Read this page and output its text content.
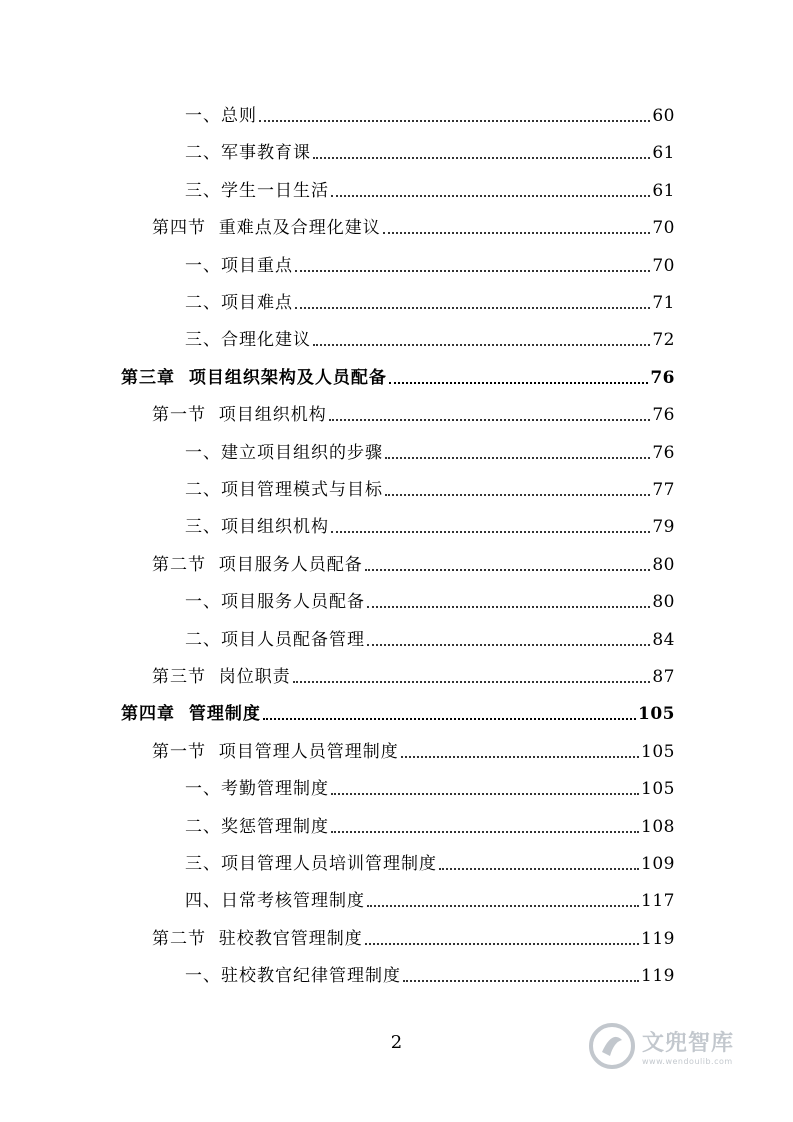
一、总则	60
二、军事教育课	61
三、学生一日生活	61
第四节  重难点及合理化建议	70
一、项目重点	70
二、项目难点	71
三、合理化建议	72
第三章  项目组织架构及人员配备	76
第一节  项目组织机构	76
一、建立项目组织的步骤	76
二、项目管理模式与目标	77
三、项目组织机构	79
第二节  项目服务人员配备	80
一、项目服务人员配备	80
二、项目人员配备管理	84
第三节  岗位职责	87
第四章  管理制度	105
第一节  项目管理人员管理制度	105
一、考勤管理制度	105
二、奖惩管理制度	108
三、项目管理人员培训管理制度	109
四、日常考核管理制度	117
第二节  驻校教官管理制度	119
一、驻校教官纪律管理制度	119
2	文兜智库
www.wendoulib.com
